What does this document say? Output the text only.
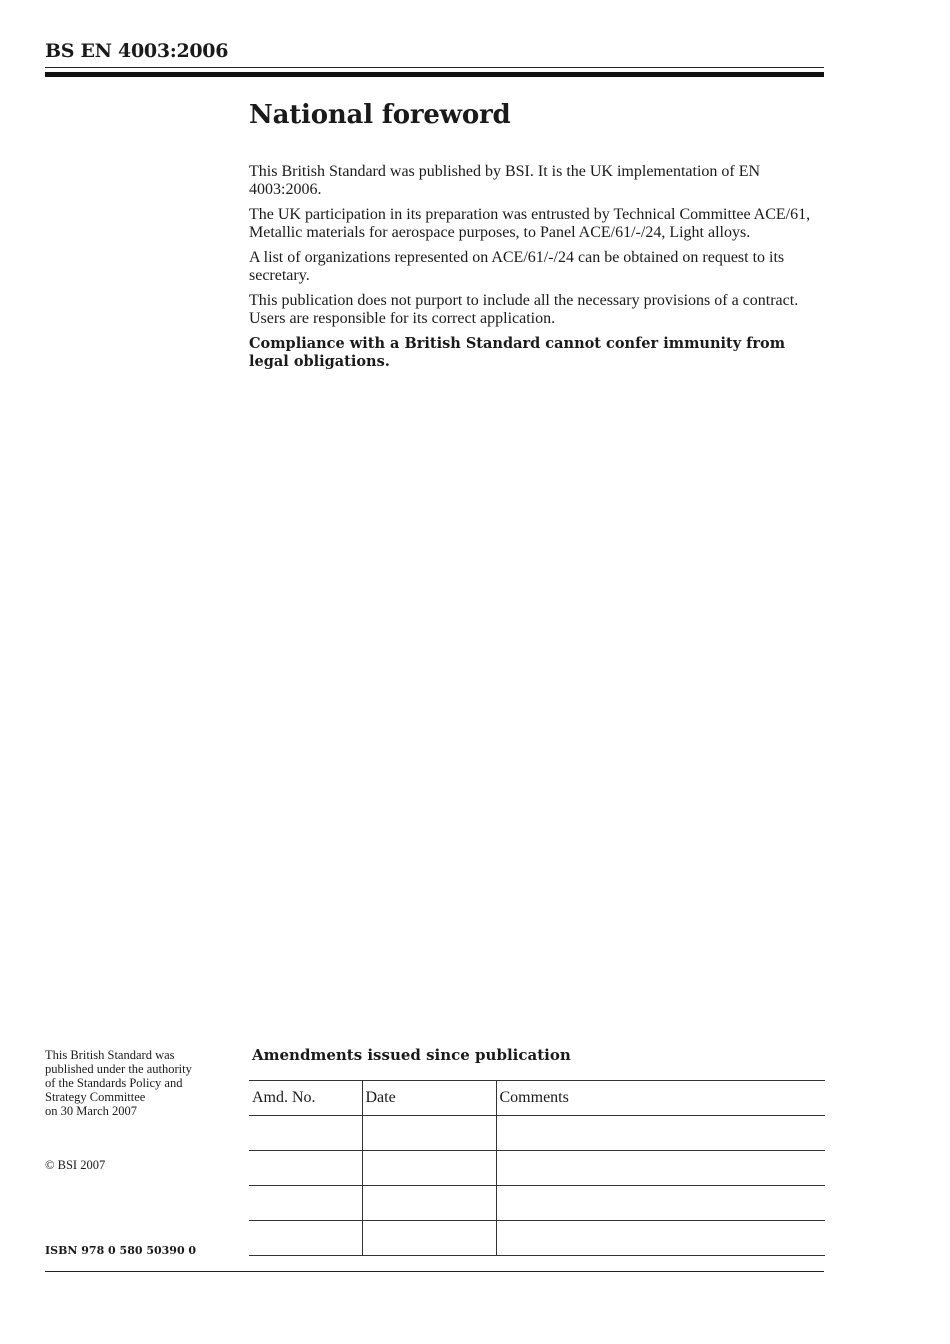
BS EN 4003:2006
National foreword

This British Standard was published by BSI. It is the UK implementation of EN 4003:2006.

The UK participation in its preparation was entrusted by Technical Committee ACE/61, Metallic materials for aerospace purposes, to Panel ACE/61/-/24, Light alloys.

A list of organizations represented on ACE/61/-/24 can be obtained on request to its secretary.

This publication does not purport to include all the necessary provisions of a contract. Users are responsible for its correct application.

Compliance with a British Standard cannot confer immunity from legal obligations.

This British Standard was
published under the authority
of the Standards Policy and
Strategy Committee
on 30 March 2007
© BSI 2007
ISBN 978 0 580 50390 0
Amendments issued since publication
Amd. No.	Date	Comments
